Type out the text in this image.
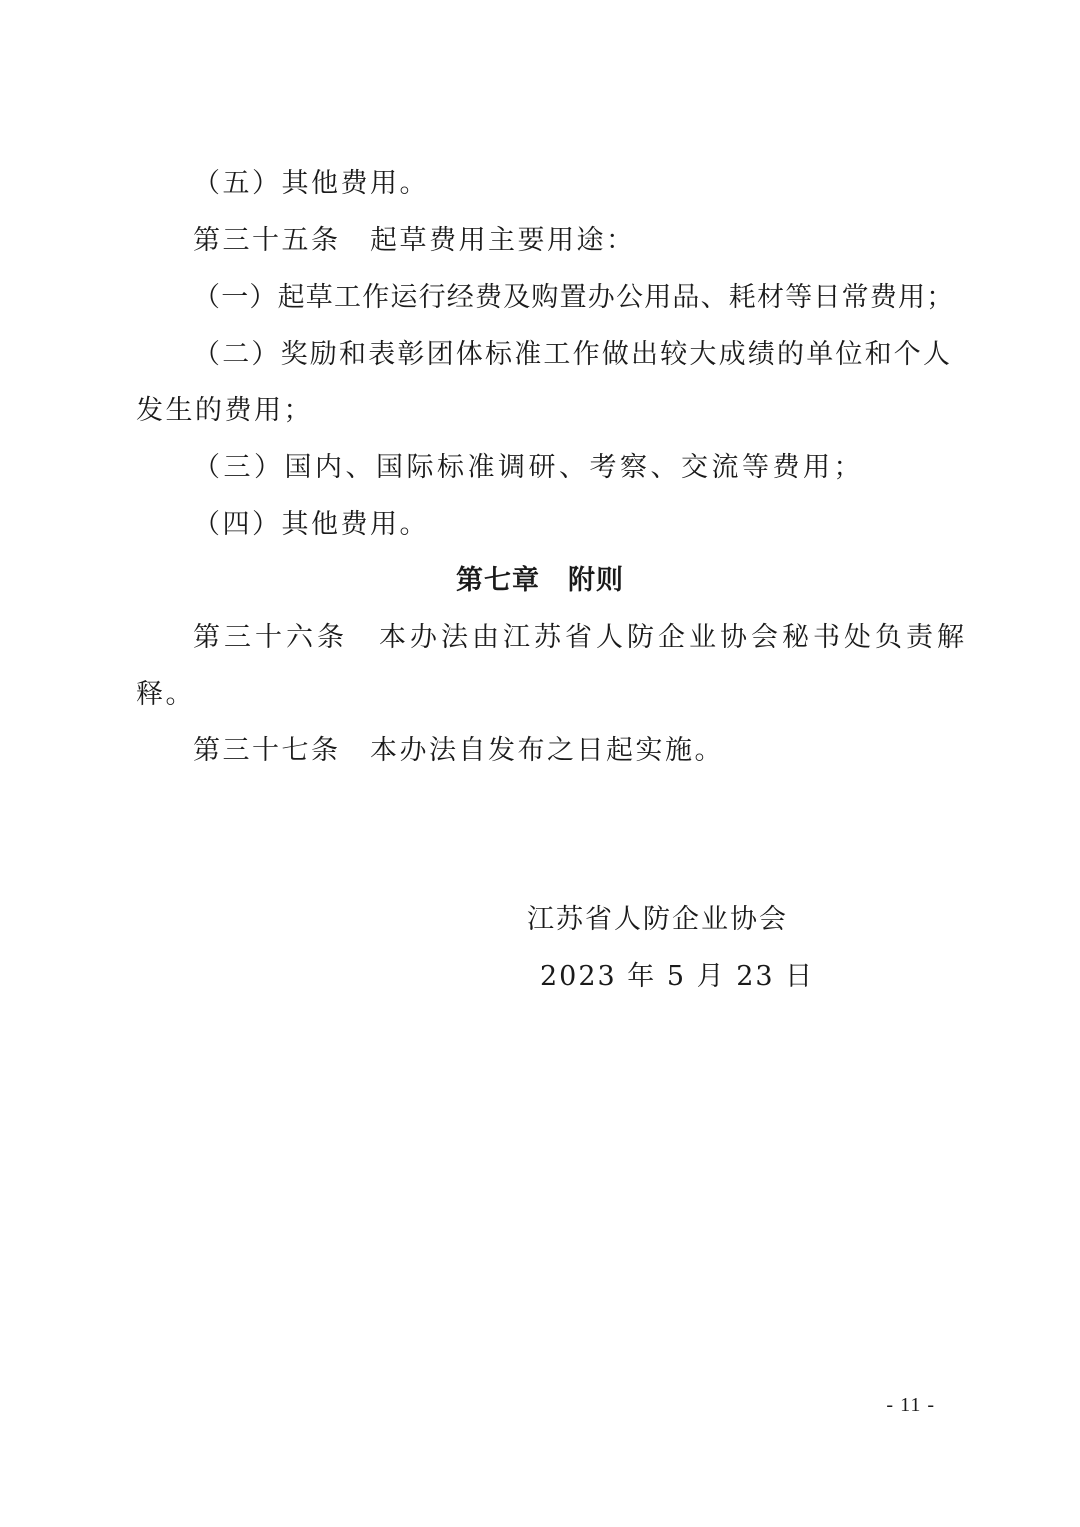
（五）其他费用。
第三十五条　起草费用主要用途：
（一）起草工作运行经费及购置办公用品、耗材等日常费用；
（二）奖励和表彰团体标准工作做出较大成绩的单位和个人
发生的费用；
（三）国内、国际标准调研、考察、交流等费用；
（四）其他费用。
第七章　附则
第三十六条　本办法由江苏省人防企业协会秘书处负责解
释。
第三十七条　本办法自发布之日起实施。
江苏省人防企业协会
2023 年 5 月 23 日
- 11 -
